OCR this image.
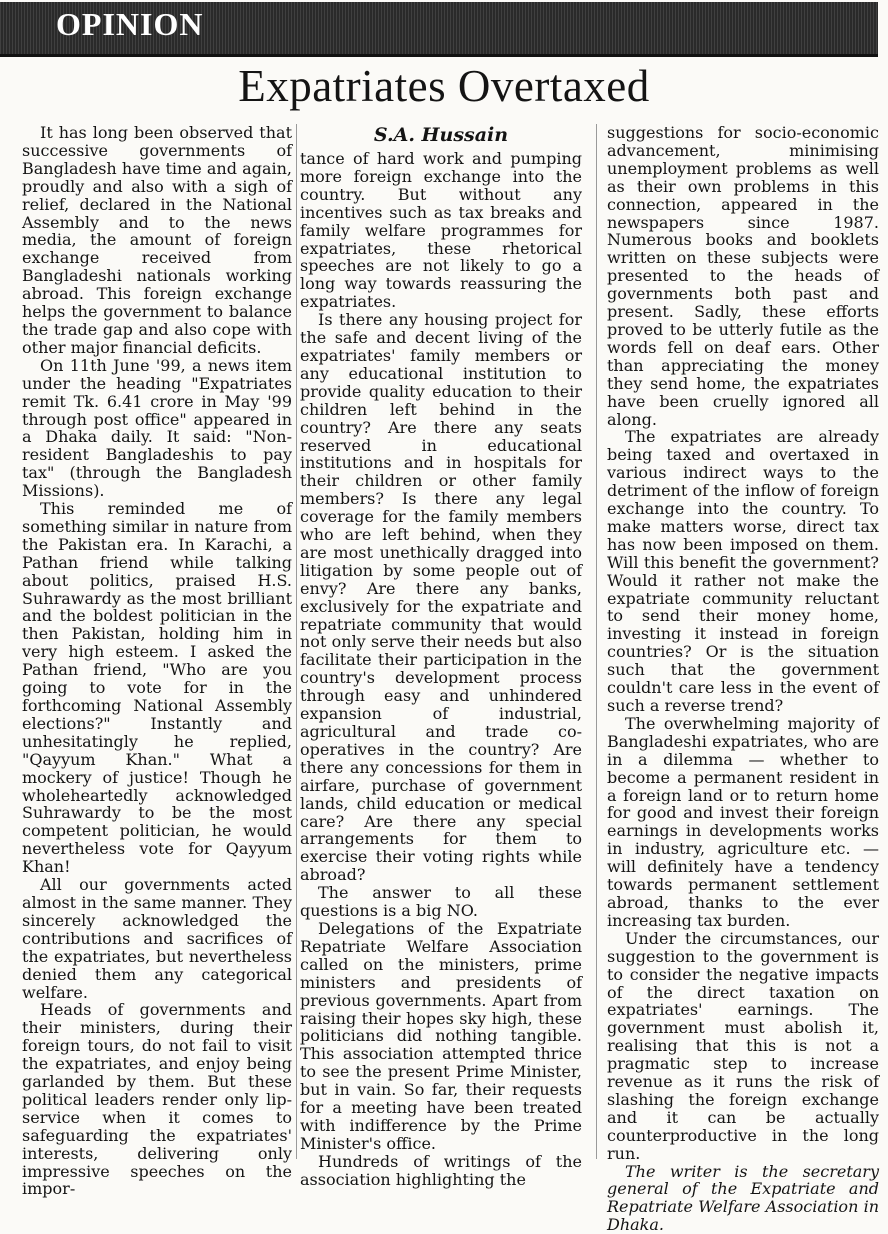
OPINION
Expatriates Overtaxed

It has long been observed that successive governments of Bangladesh have time and again, proudly and also with a sigh of relief, declared in the National Assembly and to the news media, the amount of foreign exchange received from Bangladeshi nationals working abroad. This foreign exchange helps the government to balance the trade gap and also cope with other major financial deficits.

On 11th June '99, a news item under the heading "Expatriates remit Tk. 6.41 crore in May '99 through post office" appeared in a Dhaka daily. It said: "Non-resident Bangladeshis to pay tax" (through the Bangladesh Missions).

This reminded me of something similar in nature from the Pakistan era. In Karachi, a Pathan friend while talking about politics, praised H.S. Suhrawardy as the most brilliant and the boldest politician in the then Pakistan, holding him in very high esteem. I asked the Pathan friend, "Who are you going to vote for in the forthcoming National Assembly elections?" Instantly and unhesitatingly he replied, "Qayyum Khan." What a mockery of justice! Though he wholeheartedly acknowledged Suhrawardy to be the most competent politician, he would nevertheless vote for Qayyum Khan!

All our governments acted almost in the same manner. They sincerely acknowledged the contributions and sacrifices of the expatriates, but nevertheless denied them any categorical welfare.

Heads of governments and their ministers, during their foreign tours, do not fail to visit the expatriates, and enjoy being garlanded by them. But these political leaders render only lip-service when it comes to safeguarding the expatriates' interests, delivering only impressive speeches on the impor-

S.A. Hussain

tance of hard work and pumping more foreign exchange into the country. But without any incentives such as tax breaks and family welfare programmes for expatriates, these rhetorical speeches are not likely to go a long way towards reassuring the expatriates.

Is there any housing project for the safe and decent living of the expatriates' family members or any educational institution to provide quality education to their children left behind in the country? Are there any seats reserved in educational institutions and in hospitals for their children or other family members? Is there any legal coverage for the family members who are left behind, when they are most unethically dragged into litigation by some people out of envy? Are there any banks, exclusively for the expatriate and repatriate community that would not only serve their needs but also facilitate their participation in the country's development process through easy and unhindered expansion of industrial, agricultural and trade co-operatives in the country? Are there any concessions for them in airfare, purchase of government lands, child education or medical care? Are there any special arrangements for them to exercise their voting rights while abroad?

The answer to all these questions is a big NO.

Delegations of the Expatriate Repatriate Welfare Association called on the ministers, prime ministers and presidents of previous governments. Apart from raising their hopes sky high, these politicians did nothing tangible. This association attempted thrice to see the present Prime Minister, but in vain. So far, their requests for a meeting have been treated with indifference by the Prime Minister's office.

Hundreds of writings of the association highlighting the

suggestions for socio-economic advancement, minimising unemployment problems as well as their own problems in this connection, appeared in the newspapers since 1987. Numerous books and booklets written on these subjects were presented to the heads of governments both past and present. Sadly, these efforts proved to be utterly futile as the words fell on deaf ears. Other than appreciating the money they send home, the expatriates have been cruelly ignored all along.

The expatriates are already being taxed and overtaxed in various indirect ways to the detriment of the inflow of foreign exchange into the country. To make matters worse, direct tax has now been imposed on them. Will this benefit the government? Would it rather not make the expatriate community reluctant to send their money home, investing it instead in foreign countries? Or is the situation such that the government couldn't care less in the event of such a reverse trend?

The overwhelming majority of Bangladeshi expatriates, who are in a dilemma — whether to become a permanent resident in a foreign land or to return home for good and invest their foreign earnings in developments works in industry, agriculture etc. — will definitely have a tendency towards permanent settlement abroad, thanks to the ever increasing tax burden.

Under the circumstances, our suggestion to the government is to consider the negative impacts of the direct taxation on expatriates' earnings. The government must abolish it, realising that this is not a pragmatic step to increase revenue as it runs the risk of slashing the foreign exchange and it can be actually counterproductive in the long run.

The writer is the secretary general of the Expatriate and Repatriate Welfare Association in Dhaka.
